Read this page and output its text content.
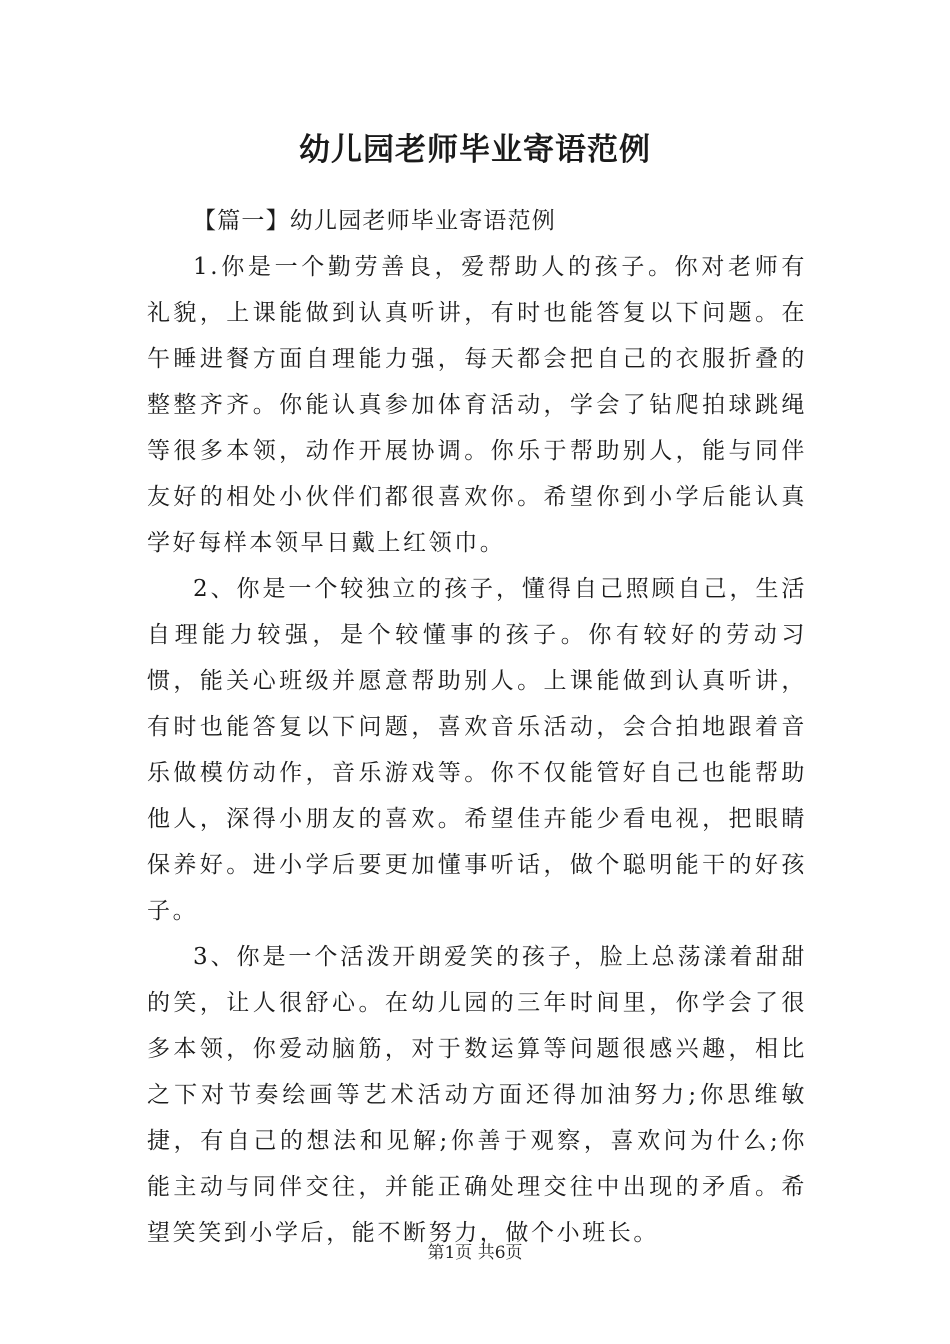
幼儿园老师毕业寄语范例

【篇一】幼儿园老师毕业寄语范例

1.你是一个勤劳善良，爱帮助人的孩子。你对老师有礼貌，上课能做到认真听讲，有时也能答复以下问题。在午睡进餐方面自理能力强，每天都会把自己的衣服折叠的整整齐齐。你能认真参加体育活动，学会了钻爬拍球跳绳等很多本领，动作开展协调。你乐于帮助别人，能与同伴友好的相处小伙伴们都很喜欢你。希望你到小学后能认真学好每样本领早日戴上红领巾。

2、你是一个较独立的孩子，懂得自己照顾自己，生活自理能力较强，是个较懂事的孩子。你有较好的劳动习惯，能关心班级并愿意帮助别人。上课能做到认真听讲，有时也能答复以下问题，喜欢音乐活动，会合拍地跟着音乐做模仿动作，音乐游戏等。你不仅能管好自己也能帮助他人，深得小朋友的喜欢。希望佳卉能少看电视，把眼睛保养好。进小学后要更加懂事听话，做个聪明能干的好孩子。

3、你是一个活泼开朗爱笑的孩子，脸上总荡漾着甜甜的笑，让人很舒心。在幼儿园的三年时间里，你学会了很多本领，你爱动脑筋，对于数运算等问题很感兴趣，相比之下对节奏绘画等艺术活动方面还得加油努力;你思维敏捷，有自己的想法和见解;你善于观察，喜欢问为什么;你能主动与同伴交往，并能正确处理交往中出现的矛盾。希望笑笑到小学后，能不断努力，做个小班长。

第1页 共6页
